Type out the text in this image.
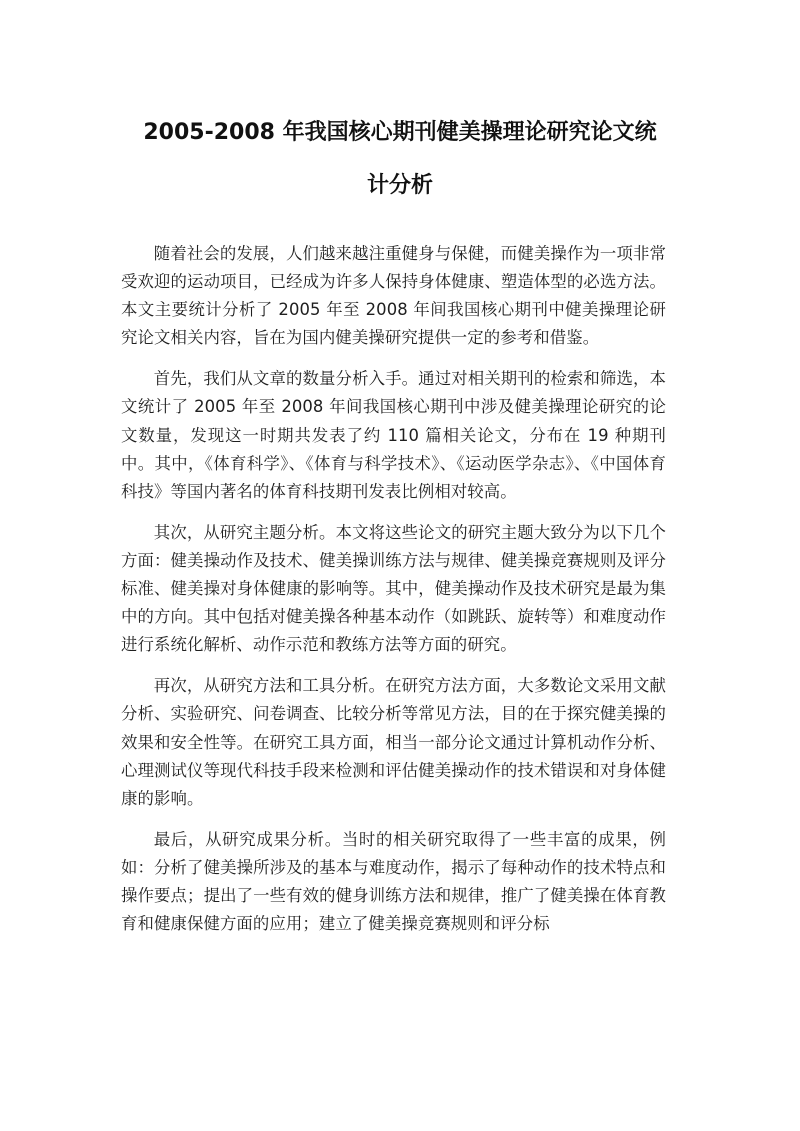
2005-2008 年我国核心期刊健美操理论研究论文统
计分析

随着社会的发展，人们越来越注重健身与保健，而健美操作为一项非常受欢迎的运动项目，已经成为许多人保持身体健康、塑造体型的必选方法。本文主要统计分析了 2005 年至 2008 年间我国核心期刊中健美操理论研究论文相关内容，旨在为国内健美操研究提供一定的参考和借鉴。

首先，我们从文章的数量分析入手。通过对相关期刊的检索和筛选，本文统计了 2005 年至 2008 年间我国核心期刊中涉及健美操理论研究的论文数量，发现这一时期共发表了约 110 篇相关论文，分布在 19 种期刊中。其中，《体育科学》、《体育与科学技术》、《运动医学杂志》、《中国体育科技》等国内著名的体育科技期刊发表比例相对较高。

其次，从研究主题分析。本文将这些论文的研究主题大致分为以下几个方面：健美操动作及技术、健美操训练方法与规律、健美操竞赛规则及评分标准、健美操对身体健康的影响等。其中，健美操动作及技术研究是最为集中的方向。其中包括对健美操各种基本动作（如跳跃、旋转等）和难度动作进行系统化解析、动作示范和教练方法等方面的研究。

再次，从研究方法和工具分析。在研究方法方面，大多数论文采用文献分析、实验研究、问卷调查、比较分析等常见方法，目的在于探究健美操的效果和安全性等。在研究工具方面，相当一部分论文通过计算机动作分析、心理测试仪等现代科技手段来检测和评估健美操动作的技术错误和对身体健康的影响。

最后，从研究成果分析。当时的相关研究取得了一些丰富的成果，例如：分析了健美操所涉及的基本与难度动作，揭示了每种动作的技术特点和操作要点；提出了一些有效的健身训练方法和规律，推广了健美操在体育教育和健康保健方面的应用；建立了健美操竞赛规则和评分标
